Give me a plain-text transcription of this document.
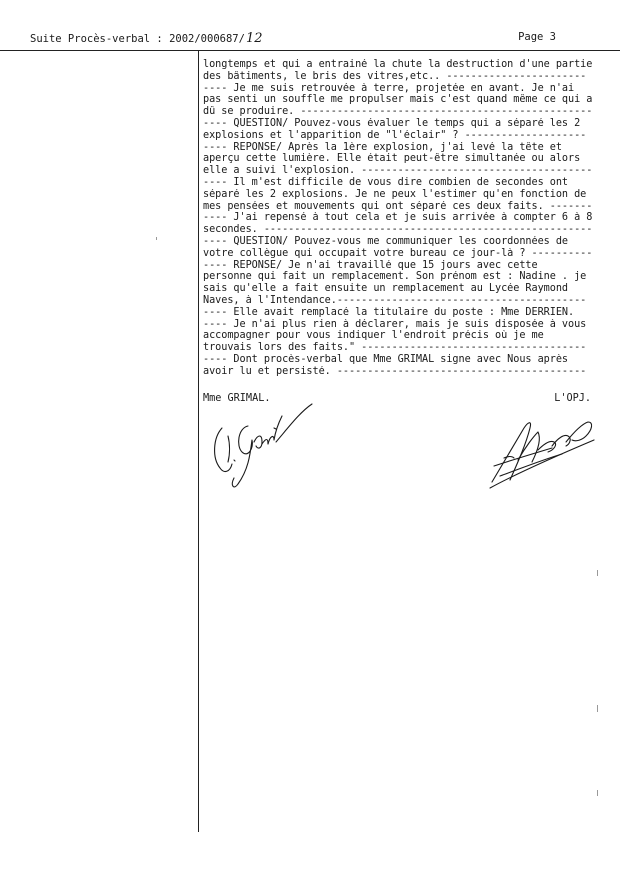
Suite Procès-verbal : 2002/000687/12	Page 3
longtemps et qui a entrainé la chute la destruction d'une partie
des bâtiments, le bris des vitres,etc.. -----------------------
---- Je me suis retrouvée à terre, projetée en avant. Je n'ai
pas senti un souffle me propulser mais c'est quand même ce qui a
dû se produire. ------------------------------------------------
---- QUESTION/ Pouvez-vous évaluer le temps qui a séparé les 2
explosions et l'apparition de "l'éclair" ? --------------------
---- REPONSE/ Après la 1ère explosion, j'ai levé la tête et
aperçu cette lumière. Elle était peut-être simultanée ou alors
elle a suivi l'explosion. --------------------------------------
---- Il m'est difficile de vous dire combien de secondes ont
séparé les 2 explosions. Je ne peux l'estimer qu'en fonction de
mes pensées et mouvements qui ont séparé ces deux faits. -------
---- J'ai repensé à tout cela et je suis arrivée à compter 6 à 8
secondes. ------------------------------------------------------
---- QUESTION/ Pouvez-vous me communiquer les coordonnées de
votre collègue qui occupait votre bureau ce jour-là ? ----------
---- REPONSE/ Je n'ai travaillé que 15 jours avec cette
personne qui fait un remplacement. Son prénom est : Nadine . je
sais qu'elle a fait ensuite un remplacement au Lycée Raymond
Naves, à l'Intendance.-----------------------------------------
---- Elle avait remplacé la titulaire du poste : Mme DERRIEN.
---- Je n'ai plus rien à déclarer, mais je suis disposée à vous
accompagner pour vous indiquer l'endroit précis où je me
trouvais lors des faits." -------------------------------------
---- Dont procès-verbal que Mme GRIMAL signe avec Nous après
avoir lu et persisté. -----------------------------------------

Mme GRIMAL.

	L'OPJ.
